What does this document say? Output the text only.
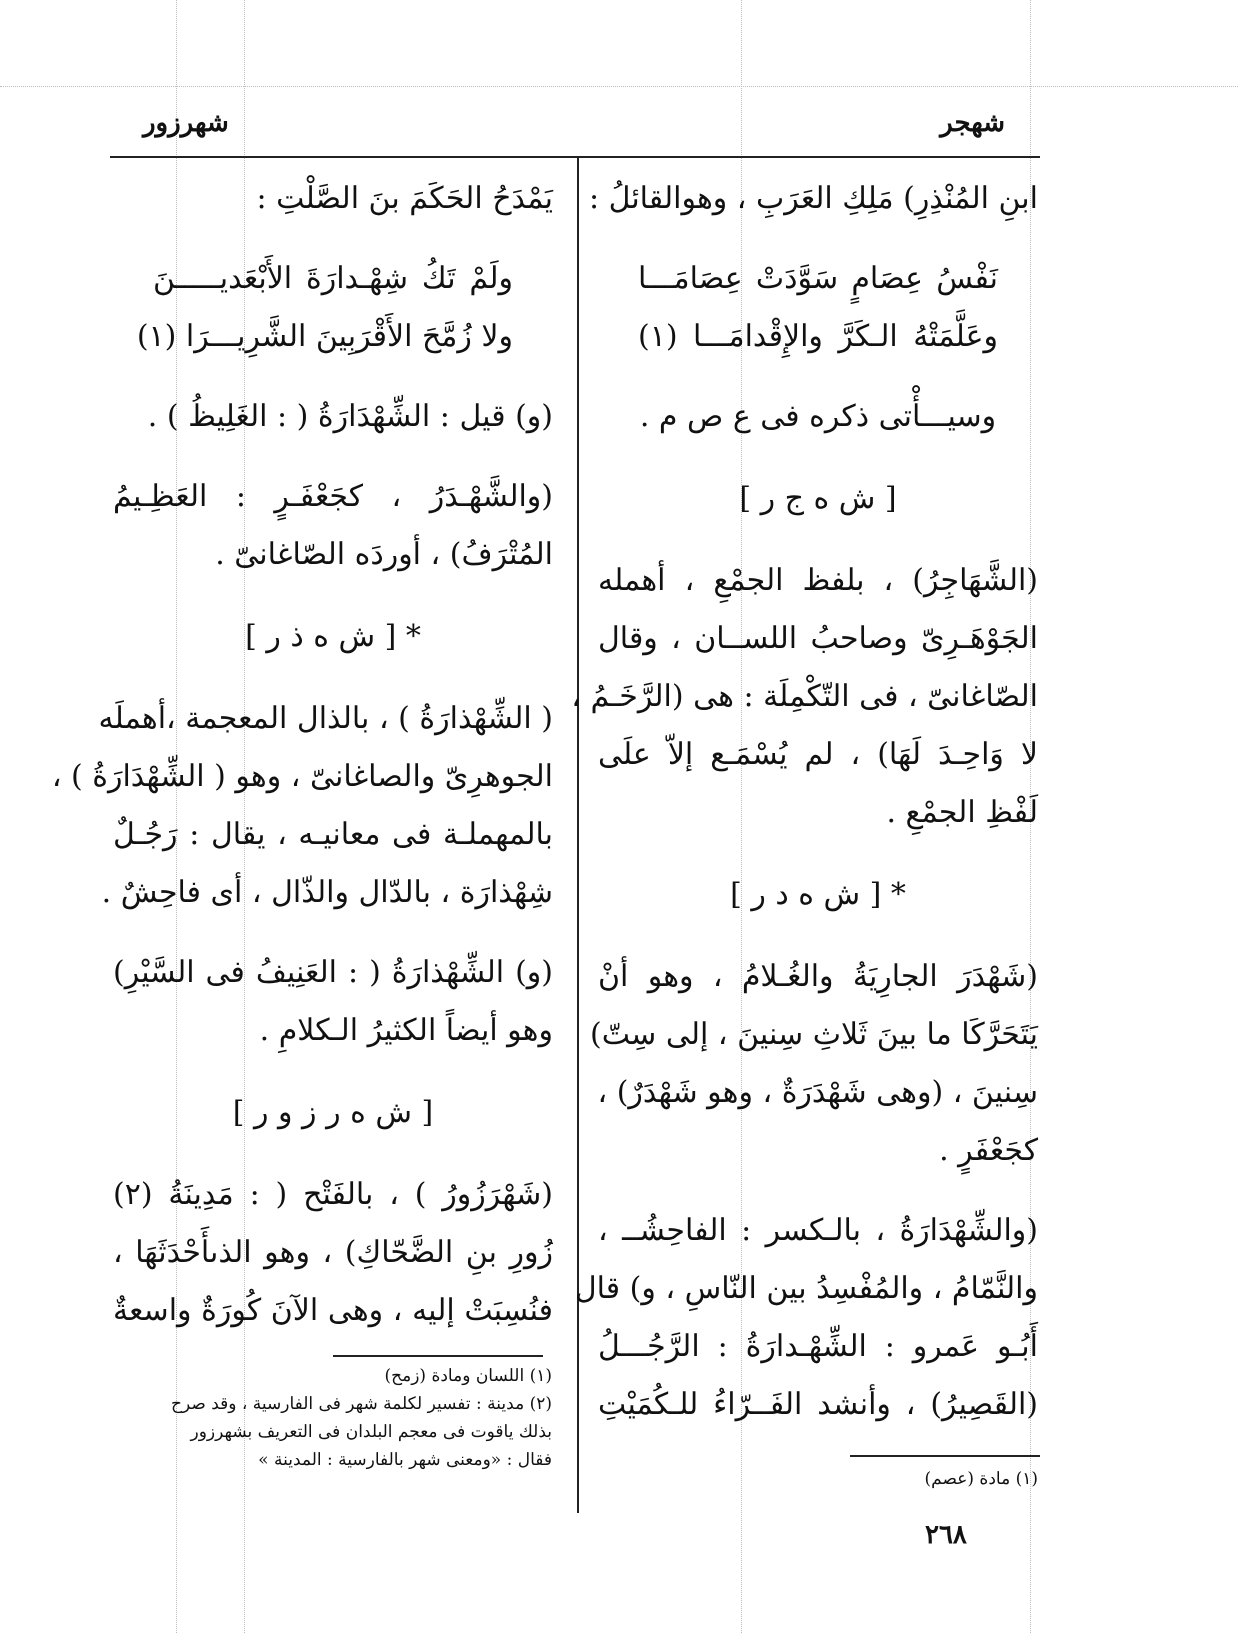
شهجر
شهرزور
ابنِ المُنْذِرِ) مَلِكِ العَرَبِ ، وهوالقائلُ :
نَفْسُ عِصَامٍ سَوَّدَتْ عِصَامَـــا
وعَلَّمَتْهُ الـكَرَّ والإِقْدامَـــا (١)
وسيـــأْتى ذكره فى ع ص م .
[ ش ه ج ر ]
(الشَّهَاجِرُ) ، بلفظ الجمْعِ ، أهمله
الجَوْهَـرِىّ وصاحبُ اللســان ، وقال
الصّاغانىّ ، فى التّكْمِلَة : هى (الرَّخَـمُ ،
لا وَاحِـدَ لَهَا) ، لم يُسْمَـع إلاّ علَى
لَفْظِ الجمْعِ .
* [ ش ه د ر ]
(شَهْدَرَ الجارِيَةُ والغُـلامُ ، وهو أنْ
يَتَحَرَّكَا ما بينَ ثَلاثِ سِنينَ ، إلى سِتّ)
سِنينَ ، (وهى شَهْدَرَةٌ ، وهو شَهْدَرٌ) ،
كجَعْفَرٍ .
(والشِّهْدَارَةُ ، بالـكسر : الفاحِشُــ ،
والنَّمّامُ ، والمُفْسِدُ بين النّاسِ ، و) قال
أَبُـو عَمرو : الشِّهْـدارَةُ : الرَّجُـــلُ
(القَصِيرُ) ، وأنشد الفَــرّاءُ للـكُمَيْتِ
يَمْدَحُ الحَكَمَ بنَ الصَّلْتِ :
ولَمْ تَكُ شِهْـدارَةَ الأَبْعَديـــــنَ
ولا زُمَّحَ الأَقْرَبِينَ الشَّرِيـــرَا (١)
(و) قيل : الشِّهْدَارَةُ ( : الغَلِيظُ ) .
(والشَّهْـدَرُ ، كجَعْفَـرٍ : العَظِـيمُ
المُتْرَفُ) ، أوردَه الصّاغانىّ .
* [ ش ه ذ ر ]
( الشِّهْذارَةُ ) ، بالذال المعجمة ،أهملَه
الجوهرِىّ والصاغانىّ ، وهو ( الشِّهْدَارَةُ ) ،
بالمهملـة فى معانيـه ، يقال : رَجُـلٌ
شِهْذارَة ، بالدّال والذّال ، أى فاحِشٌ .
(و) الشِّهْذارَةُ ( : العَنِيفُ فى السَّيْرِ)
وهو أيضاً الكثيرُ الـكلامِ .
[ ش ه ر ز و ر ]
(شَهْرَزُورُ ) ، بالفَتْح ( : مَدِينَةُ (٢)
زُورِ بنِ الضَّحّاكِ) ، وهو الذىأَحْدَثَهَا ،
فنُسِبَتْ إليه ، وهى الآنَ كُورَةٌ واسعةٌ
(١) مادة (عصم)
(١) اللسان ومادة (زمح)
(٢) مدينة : تفسير لكلمة شهر فى الفارسية ، وقد صرح
بذلك ياقوت فى معجم البلدان فى التعريف بشهرزور
فقال : «ومعنى شهر بالفارسية : المدينة »
٢٦٨
